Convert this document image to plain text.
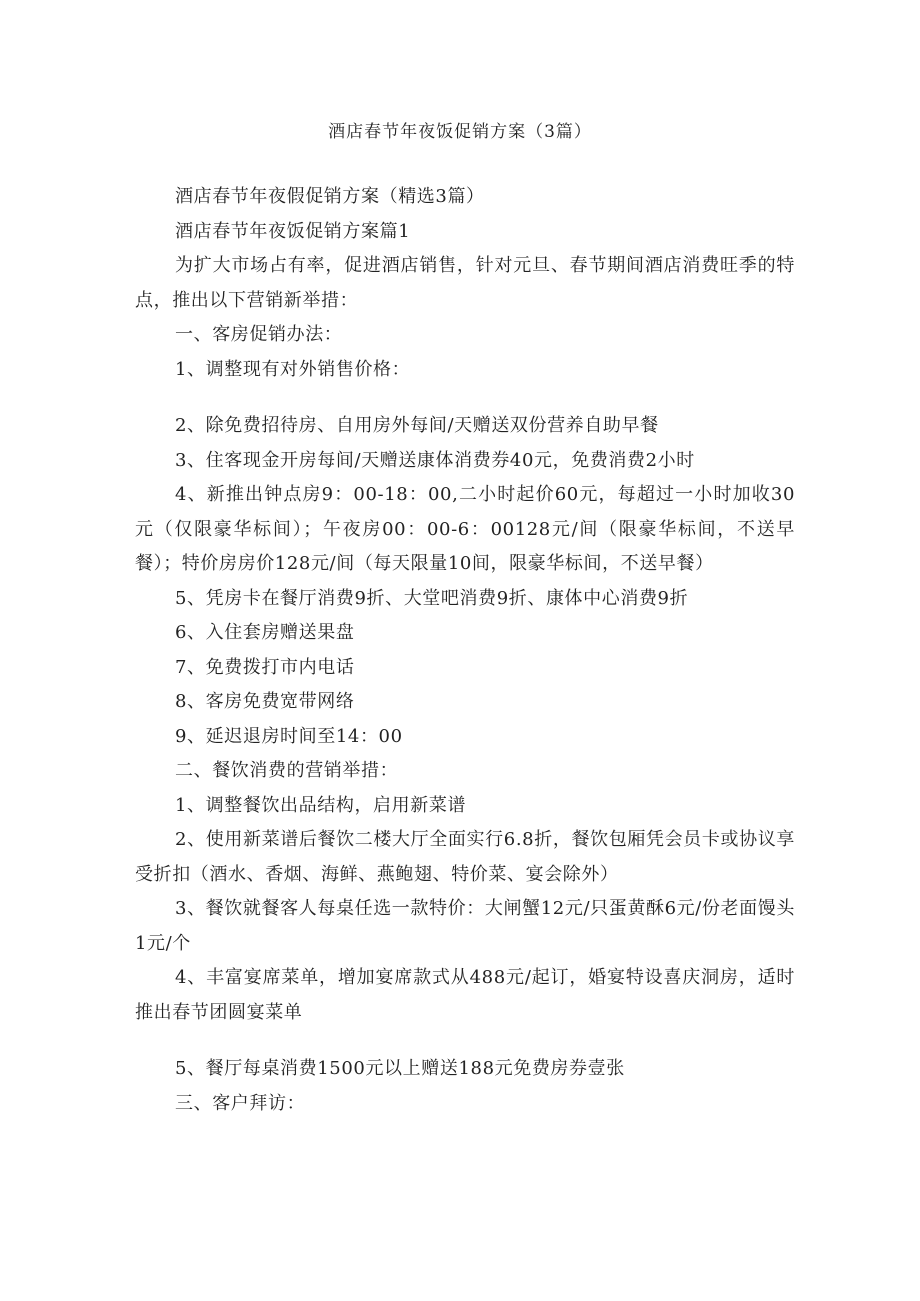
酒店春节年夜饭促销方案（3篇）

酒店春节年夜假促销方案（精选3篇）

酒店春节年夜饭促销方案篇1

为扩大市场占有率，促进酒店销售，针对元旦、春节期间酒店消费旺季的特点，推出以下营销新举措：

一、客房促销办法：

1、调整现有对外销售价格：

2、除免费招待房、自用房外每间/天赠送双份营养自助早餐

3、住客现金开房每间/天赠送康体消费券40元，免费消费2小时

4、新推出钟点房9：00-18：00,二小时起价60元，每超过一小时加收30元（仅限豪华标间）；午夜房00：00-6：00128元/间（限豪华标间，不送早餐）；特价房房价128元/间（每天限量10间，限豪华标间，不送早餐）

5、凭房卡在餐厅消费9折、大堂吧消费9折、康体中心消费9折

6、入住套房赠送果盘

7、免费拨打市内电话

8、客房免费宽带网络

9、延迟退房时间至14：00

二、餐饮消费的营销举措：

1、调整餐饮出品结构，启用新菜谱

2、使用新菜谱后餐饮二楼大厅全面实行6.8折，餐饮包厢凭会员卡或协议享受折扣（酒水、香烟、海鲜、燕鲍翅、特价菜、宴会除外）

3、餐饮就餐客人每桌任选一款特价：大闸蟹12元/只蛋黄酥6元/份老面馒头1元/个

4、丰富宴席菜单，增加宴席款式从488元/起订，婚宴特设喜庆洞房，适时推出春节团圆宴菜单

5、餐厅每桌消费1500元以上赠送188元免费房券壹张

三、客户拜访：
